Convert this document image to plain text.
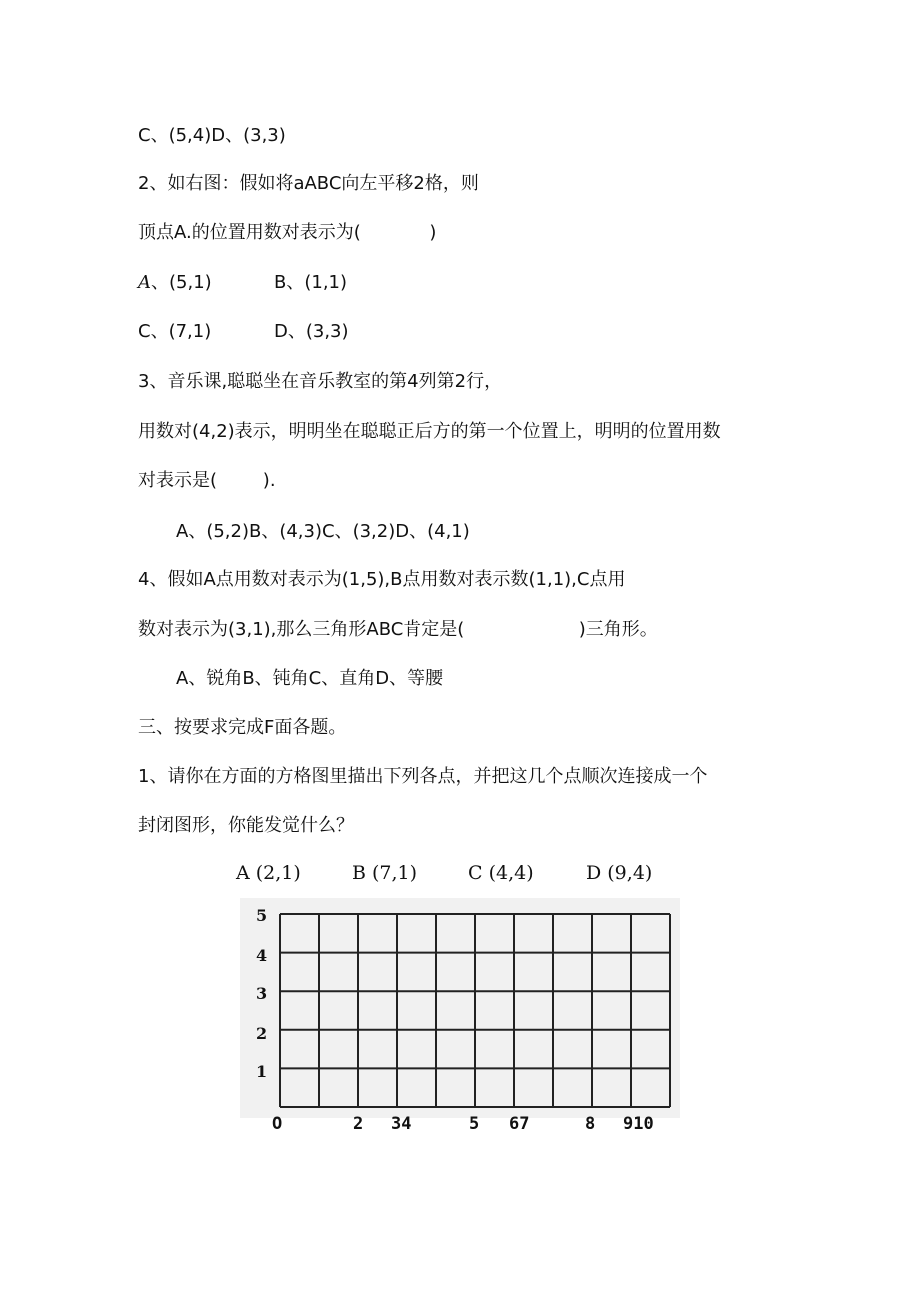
C、(5,4)D、(3,3)

2、如右图：假如将aABC向左平移2格，则

顶点A.的位置用数对表示为(            )

A、(5,1)	B、(1,1)

C、(7,1)	D、(3,3)

3、音乐课,聪聪坐在音乐教室的第4列第2行，

用数对(4,2)表示，明明坐在聪聪正后方的第一个位置上，明明的位置用数

对表示是(        ).

A、(5,2)B、(4,3)C、(3,2)D、(4,1)

4、假如A点用数对表示为(1,5),B点用数对表示数(1,1),C点用

数对表示为(3,1),那么三角形ABC肯定是(                    )三角形。

A、锐角B、钝角C、直角D、等腰

三、按要求完成F面各题。

1、请你在方面的方格图里描出下列各点，并把这几个点顺次连接成一个

封闭图形，你能发觉什么？

A (2,1)	B (7,1)	C (4,4)	D (9,4)
5
4
3
2
1
O	2 34	5 67	8 910
